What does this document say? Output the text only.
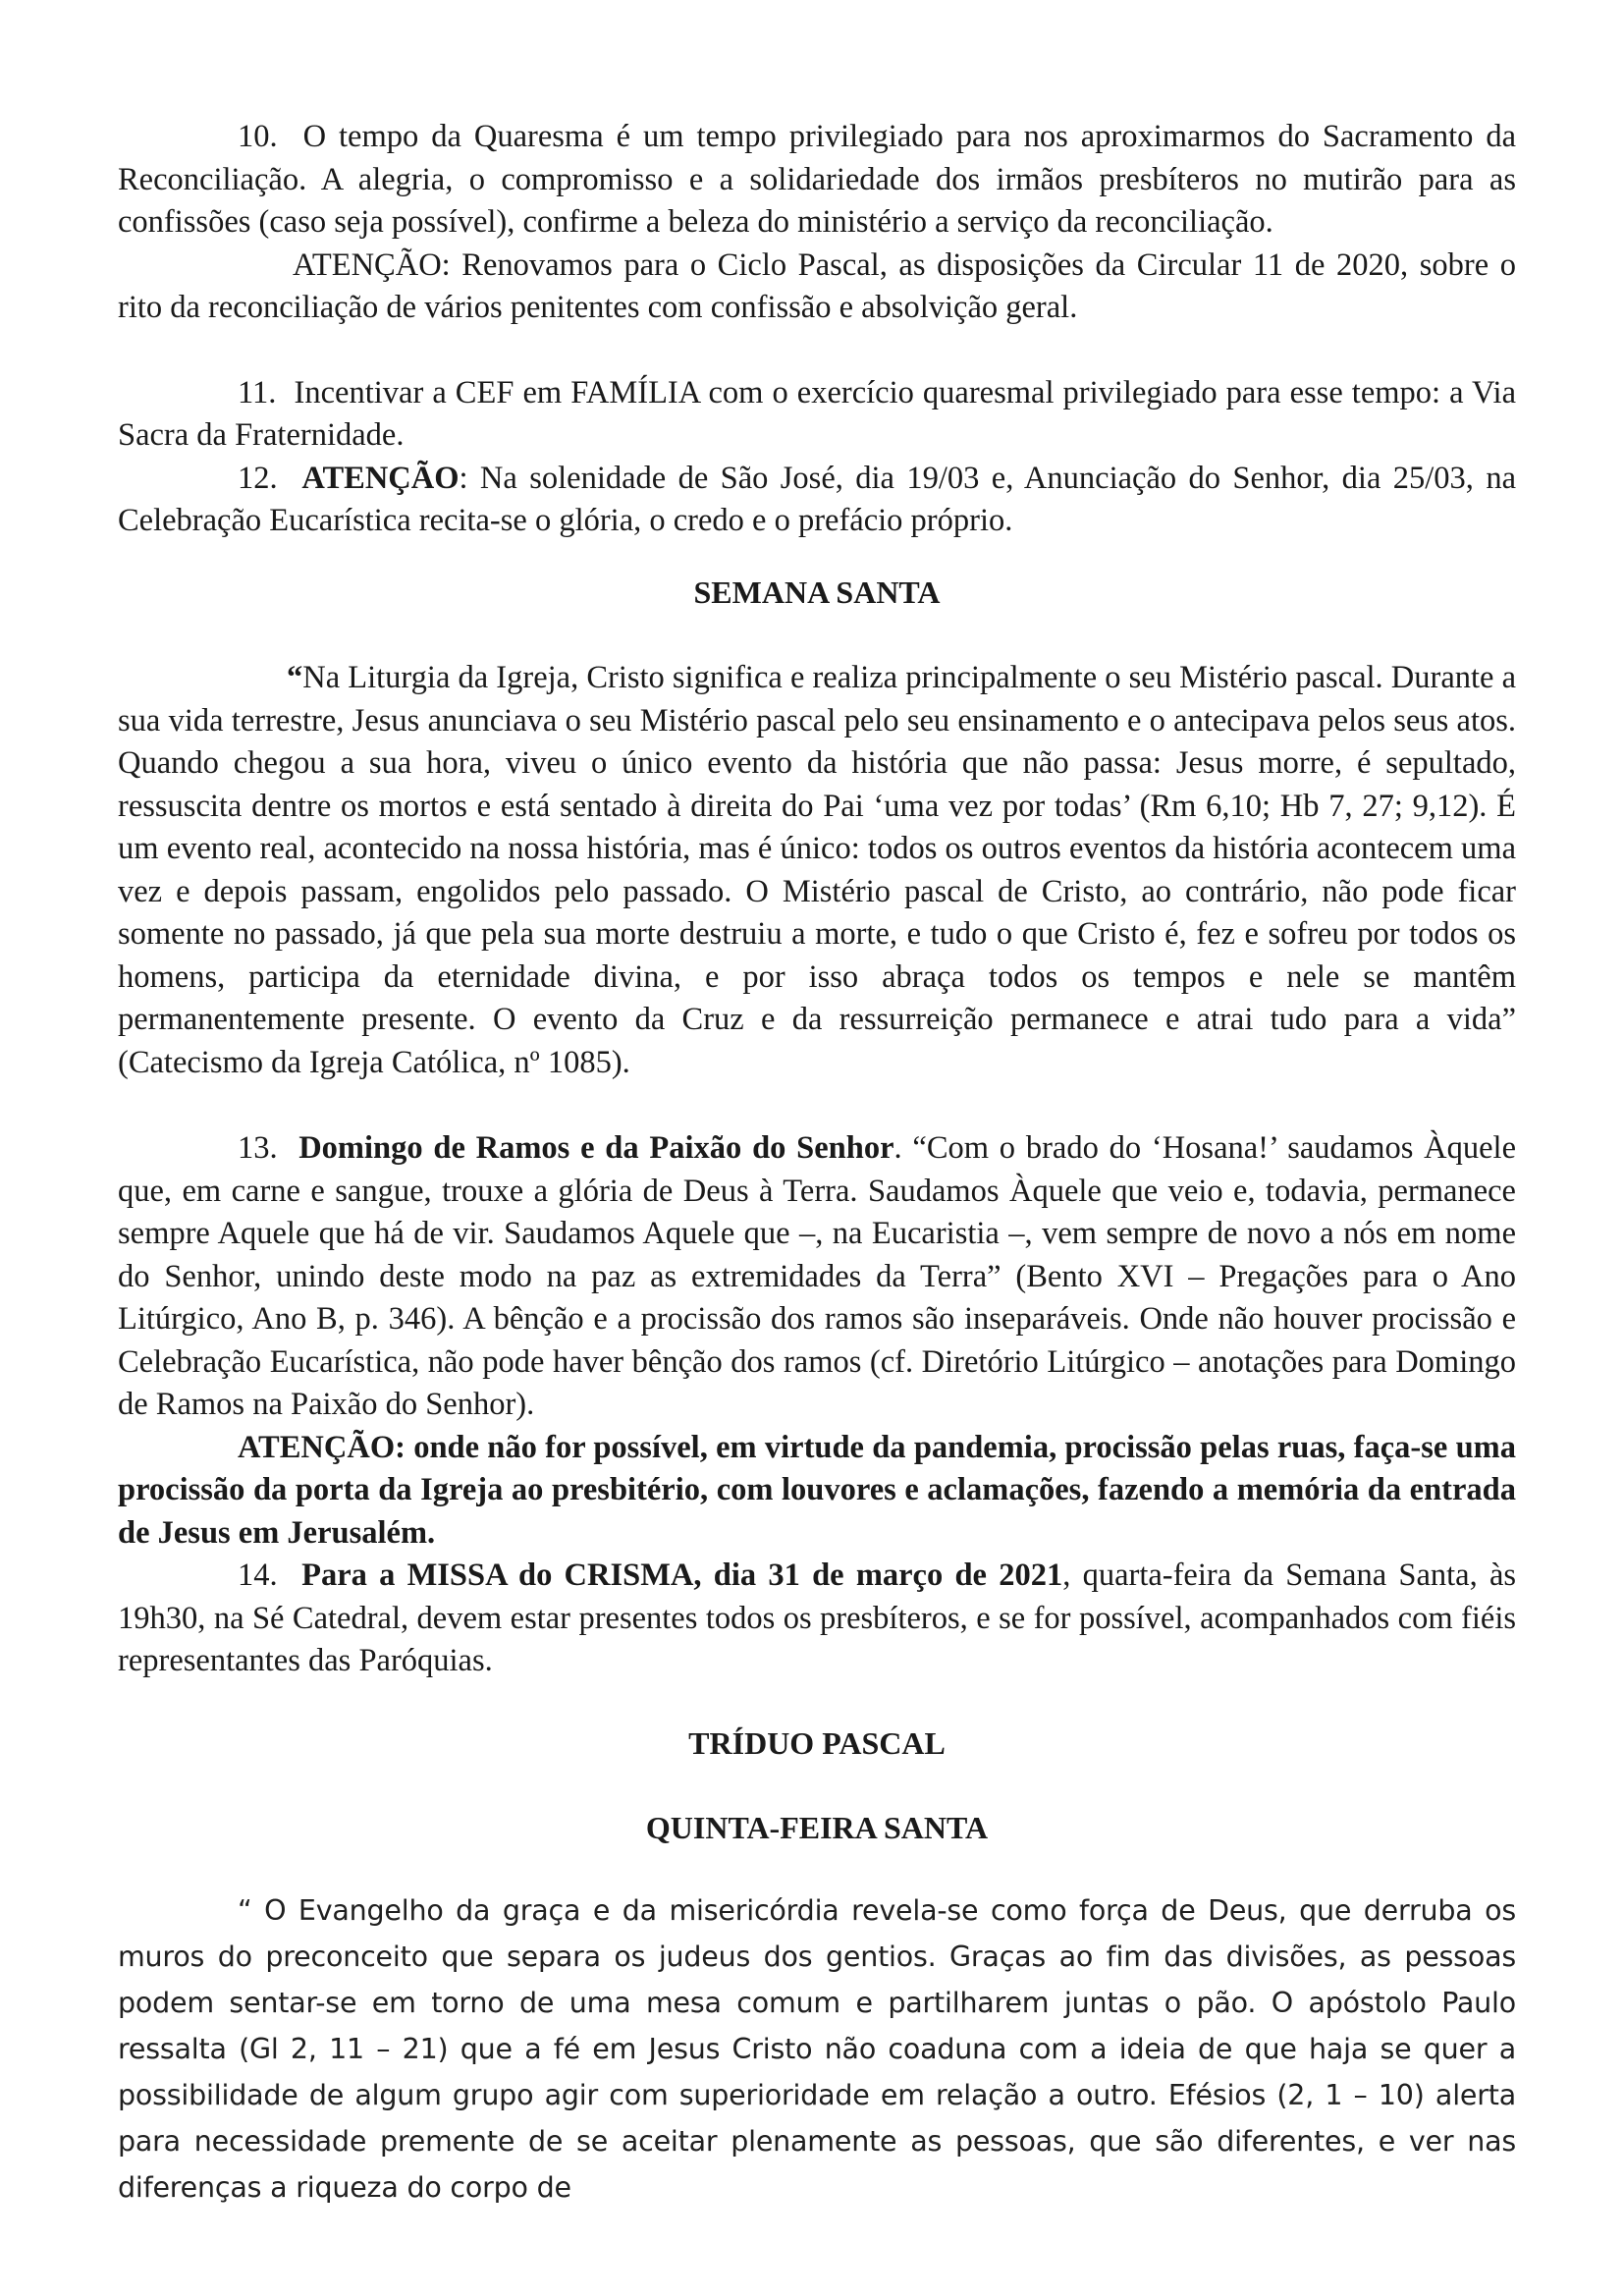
10. O tempo da Quaresma é um tempo privilegiado para nos aproximarmos do Sacramento da Reconciliação. A alegria, o compromisso e a solidariedade dos irmãos presbíteros no mutirão para as confissões (caso seja possível), confirme a beleza do ministério a serviço da reconciliação.

ATENÇÃO: Renovamos para o Ciclo Pascal, as disposições da Circular 11 de 2020, sobre o rito da reconciliação de vários penitentes com confissão e absolvição geral.

11. Incentivar a CEF em FAMÍLIA com o exercício quaresmal privilegiado para esse tempo: a Via Sacra da Fraternidade.

12. ATENÇÃO: Na solenidade de São José, dia 19/03 e, Anunciação do Senhor, dia 25/03, na Celebração Eucarística recita-se o glória, o credo e o prefácio próprio.

SEMANA SANTA

“Na Liturgia da Igreja, Cristo significa e realiza principalmente o seu Mistério pascal. Durante a sua vida terrestre, Jesus anunciava o seu Mistério pascal pelo seu ensinamento e o antecipava pelos seus atos. Quando chegou a sua hora, viveu o único evento da história que não passa: Jesus morre, é sepultado, ressuscita dentre os mortos e está sentado à direita do Pai ‘uma vez por todas’ (Rm 6,10; Hb 7, 27; 9,12). É um evento real, acontecido na nossa história, mas é único: todos os outros eventos da história acontecem uma vez e depois passam, engolidos pelo passado. O Mistério pascal de Cristo, ao contrário, não pode ficar somente no passado, já que pela sua morte destruiu a morte, e tudo o que Cristo é, fez e sofreu por todos os homens, participa da eternidade divina, e por isso abraça todos os tempos e nele se mantêm permanentemente presente. O evento da Cruz e da ressurreição permanece e atrai tudo para a vida” (Catecismo da Igreja Católica, nº 1085).

13. Domingo de Ramos e da Paixão do Senhor. “Com o brado do ‘Hosana!’ saudamos Àquele que, em carne e sangue, trouxe a glória de Deus à Terra. Saudamos Àquele que veio e, todavia, permanece sempre Aquele que há de vir. Saudamos Aquele que –, na Eucaristia –, vem sempre de novo a nós em nome do Senhor, unindo deste modo na paz as extremidades da Terra” (Bento XVI – Pregações para o Ano Litúrgico, Ano B, p. 346). A bênção e a procissão dos ramos são inseparáveis. Onde não houver procissão e Celebração Eucarística, não pode haver bênção dos ramos (cf. Diretório Litúrgico – anotações para Domingo de Ramos na Paixão do Senhor).

ATENÇÃO: onde não for possível, em virtude da pandemia, procissão pelas ruas, faça-se uma procissão da porta da Igreja ao presbitério, com louvores e aclamações, fazendo a memória da entrada de Jesus em Jerusalém.

14. Para a MISSA do CRISMA, dia 31 de março de 2021, quarta-feira da Semana Santa, às 19h30, na Sé Catedral, devem estar presentes todos os presbíteros, e se for possível, acompanhados com fiéis representantes das Paróquias.

TRÍDUO PASCAL

QUINTA-FEIRA SANTA

“ O Evangelho da graça e da misericórdia revela-se como força de Deus, que derruba os muros do preconceito que separa os judeus dos gentios. Graças ao fim das divisões, as pessoas podem sentar-se em torno de uma mesa comum e partilharem juntas o pão. O apóstolo Paulo ressalta (Gl 2, 11 – 21) que a fé em Jesus Cristo não coaduna com a ideia de que haja se quer a possibilidade de algum grupo agir com superioridade em relação a outro. Efésios (2, 1 – 10) alerta para necessidade premente de se aceitar plenamente as pessoas, que são diferentes, e ver nas diferenças a riqueza do corpo de
